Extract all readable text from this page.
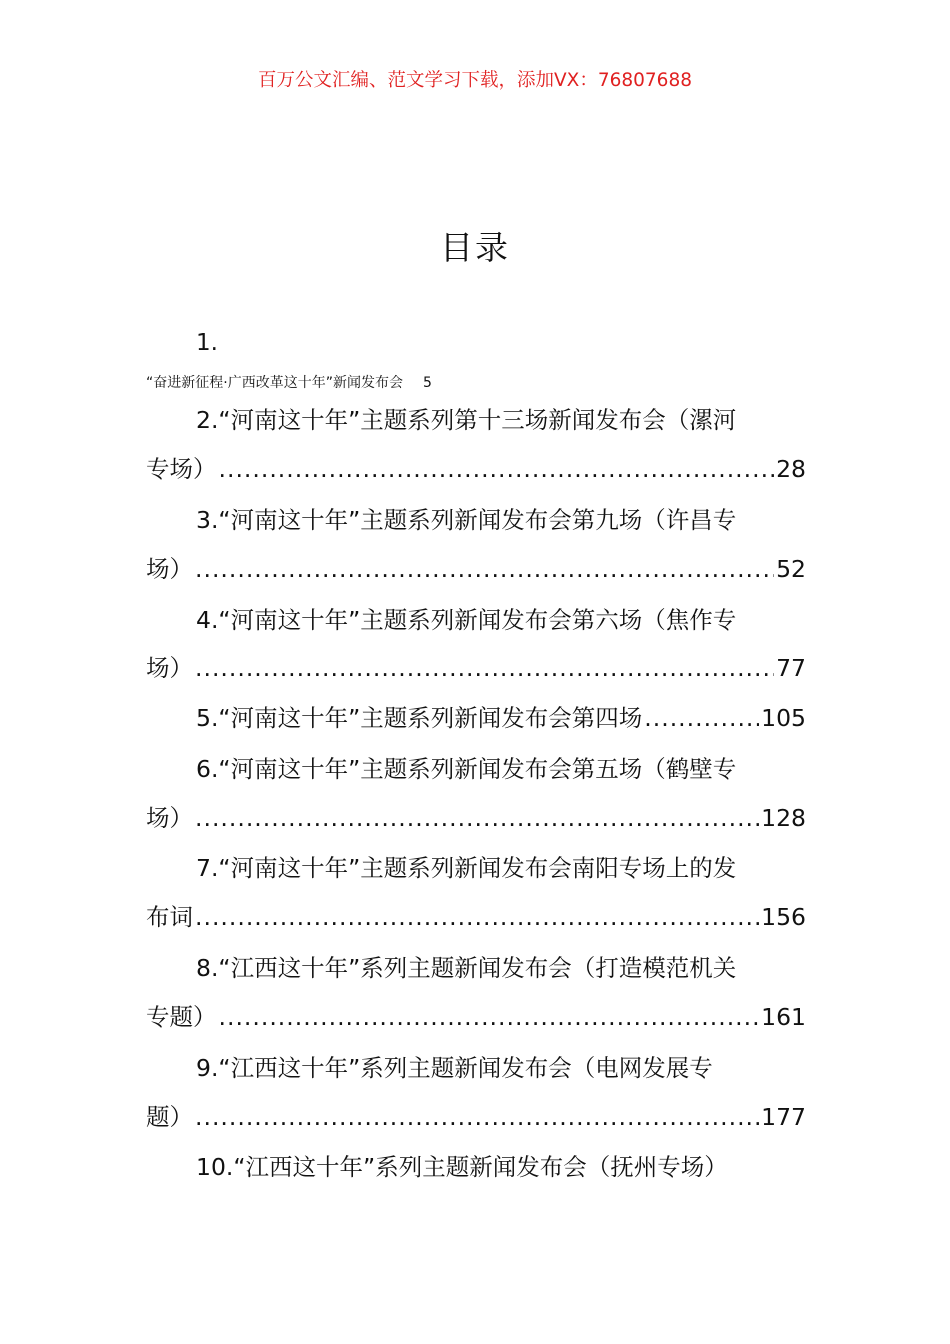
百万公文汇编、范文学习下载，添加VX：76807688
目录
1.
“奋进新征程·广西改革这十年”新闻发布会 5
2.“河南这十年”主题系列第十三场新闻发布会（漯河
专场） .....	28
3.“河南这十年”主题系列新闻发布会第九场（许昌专
场） .....	52
4.“河南这十年”主题系列新闻发布会第六场（焦作专
场） .....	77
5.“河南这十年”主题系列新闻发布会第四场 .....	105
6.“河南这十年”主题系列新闻发布会第五场（鹤壁专
场） .....	128
7.“河南这十年”主题系列新闻发布会南阳专场上的发
布词 .....	156
8.“江西这十年”系列主题新闻发布会（打造模范机关
专题） .....	161
9.“江西这十年”系列主题新闻发布会（电网发展专
题） .....	177
10.“江西这十年”系列主题新闻发布会（抚州专场）
